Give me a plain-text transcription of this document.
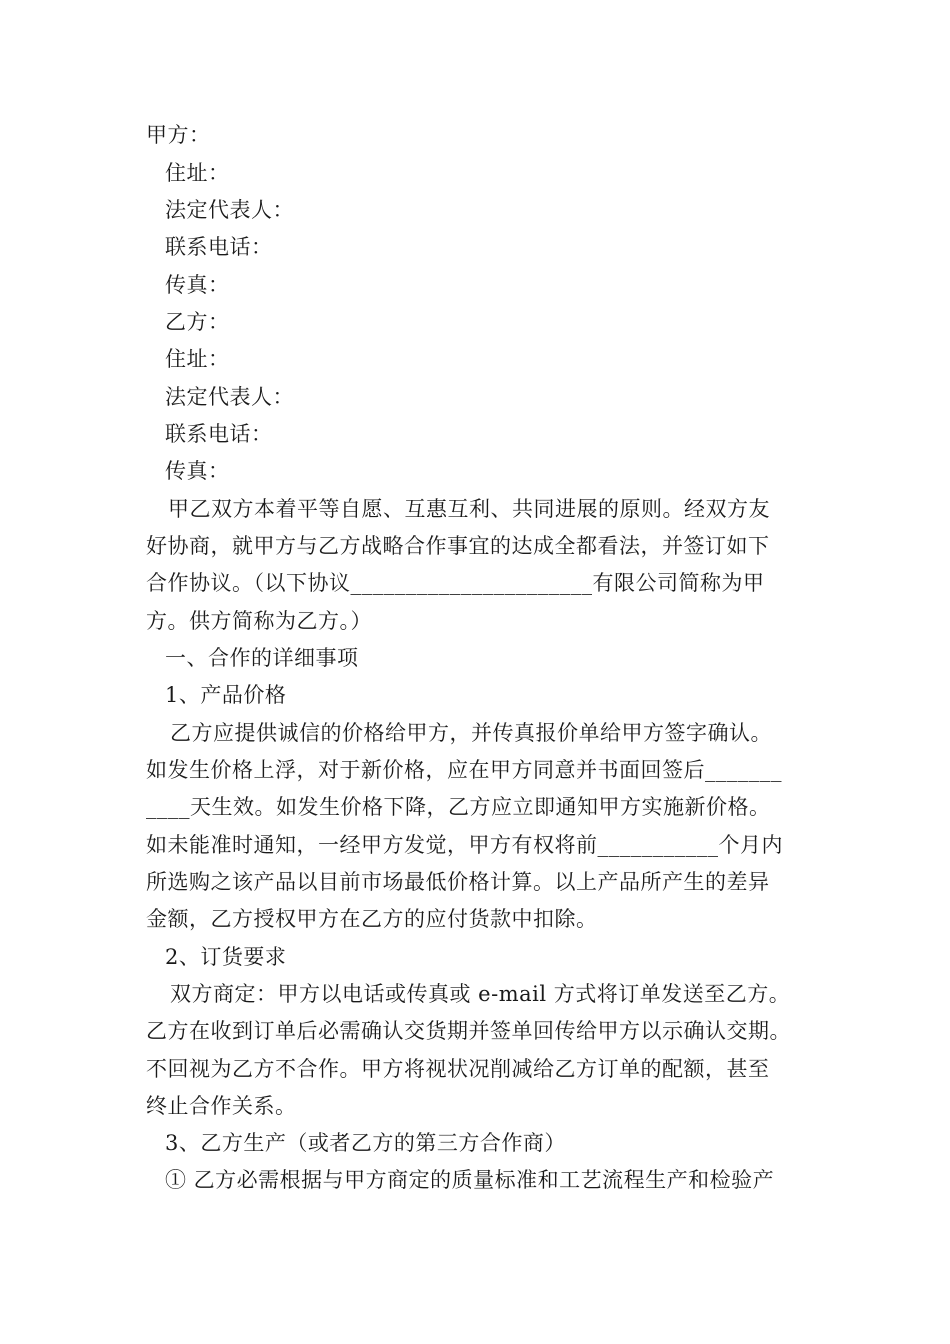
甲方：
住址：
法定代表人：
联系电话：
传真：
乙方：
住址：
法定代表人：
联系电话：
传真：
甲乙双方本着平等自愿、互惠互利、共同进展的原则。经双方友
好协商，就甲方与乙方战略合作事宜的达成全都看法，并签订如下
合作协议。（以下协议______________________有限公司简称为甲
方。供方简称为乙方。）
一、合作的详细事项
1、产品价格
乙方应提供诚信的价格给甲方，并传真报价单给甲方签字确认。
如发生价格上浮，对于新价格，应在甲方同意并书面回签后_______
____天生效。如发生价格下降，乙方应立即通知甲方实施新价格。
如未能准时通知，一经甲方发觉，甲方有权将前___________个月内
所选购之该产品以目前市场最低价格计算。以上产品所产生的差异
金额，乙方授权甲方在乙方的应付货款中扣除。
2、订货要求
双方商定：甲方以电话或传真或 e-mail 方式将订单发送至乙方。
乙方在收到订单后必需确认交货期并签单回传给甲方以示确认交期。
不回视为乙方不合作。甲方将视状况削减给乙方订单的配额，甚至
终止合作关系。
3、乙方生产（或者乙方的第三方合作商）
① 乙方必需根据与甲方商定的质量标准和工艺流程生产和检验产
